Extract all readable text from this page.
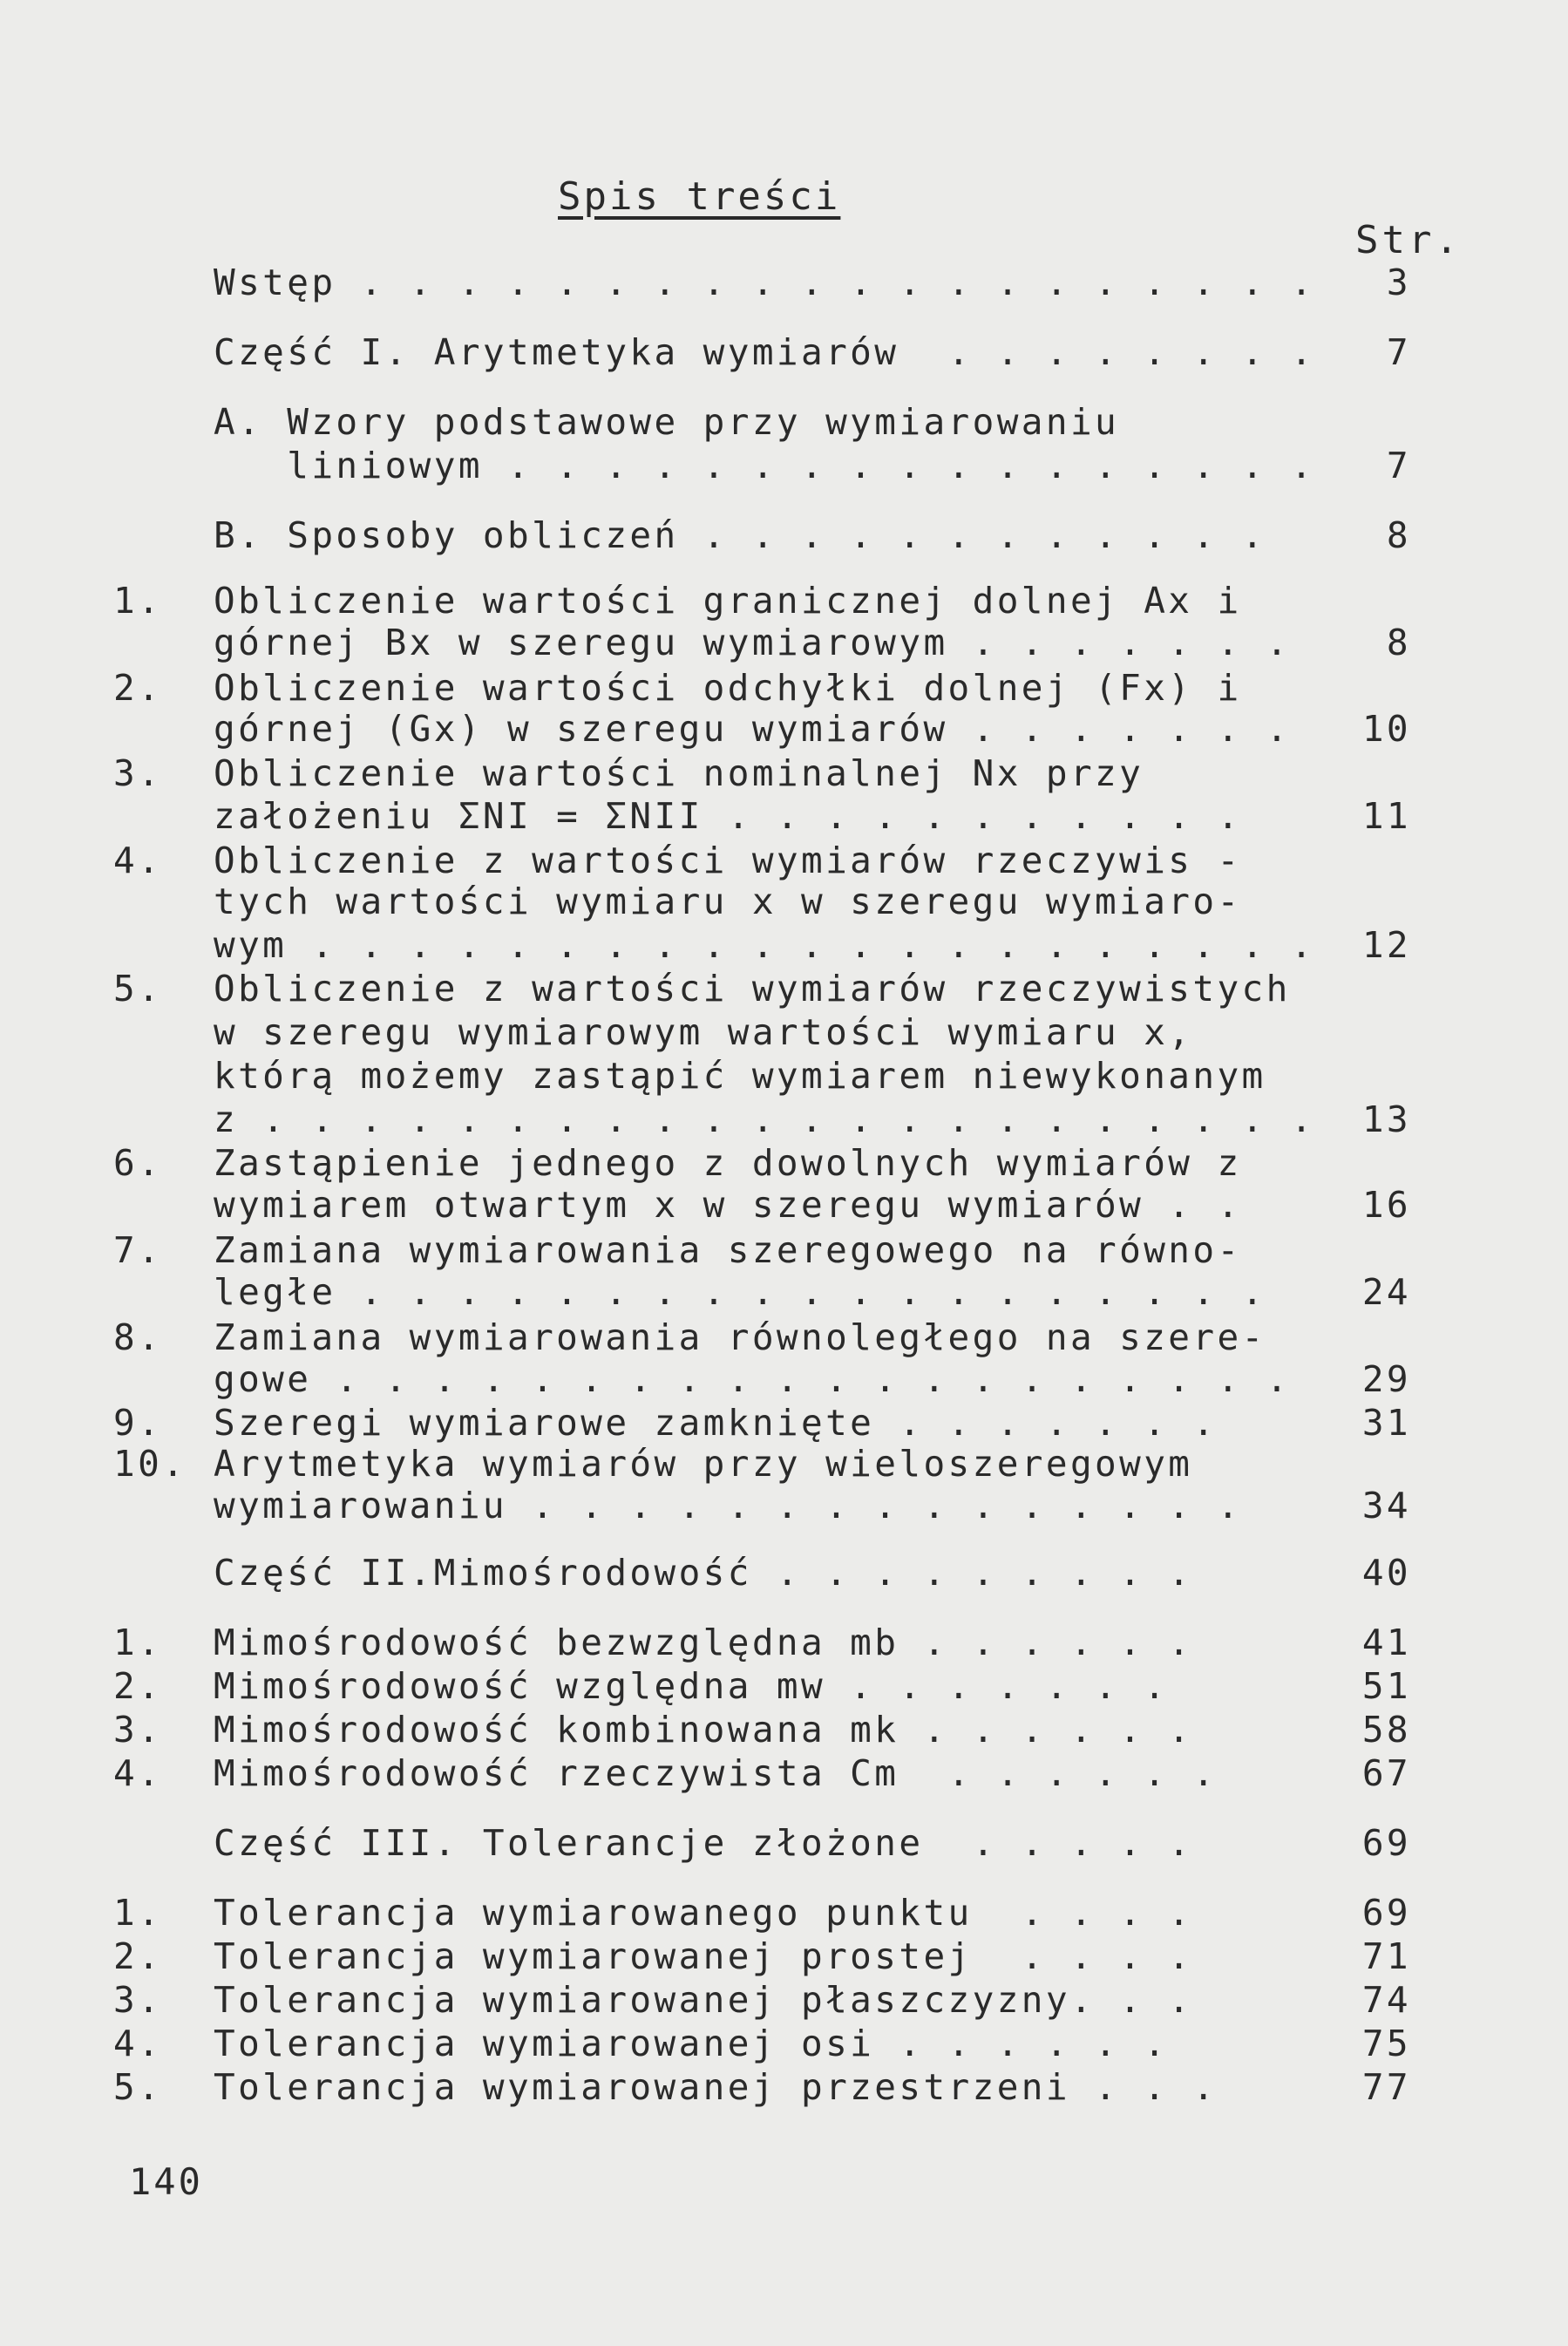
Spis treści
Str.
Wstęp . . . . . . . . . . . . . . . . . . . . 3
Część I. Arytmetyka wymiarów  . . . . . . . . 7
A. Wzory podstawowe przy wymiarowaniu
liniowym . . . . . . . . . . . . . . . . . 7
B. Sposoby obliczeń . . . . . . . . . . . .	8
1. Obliczenie wartości granicznej dolnej Ax i
górnej Bx w szeregu wymiarowym . . . . . . .	8
2. Obliczenie wartości odchyłki dolnej (Fx) i
górnej (Gx) w szeregu wymiarów . . . . . . . 10
3. Obliczenie wartości nominalnej Nx przy
założeniu ΣNI = ΣNII . . . . . . . . . . .	11
4. Obliczenie z wartości wymiarów rzeczywis -
tych wartości wymiaru x w szeregu wymiaro-
wym . . . . . . . . . . . . . . . . . . . . . 12
5. Obliczenie z wartości wymiarów rzeczywistych
w szeregu wymiarowym wartości wymiaru x,
którą możemy zastąpić wymiarem niewykonanym
z . . . . . . . . . . . . . . . . . . . . . . 13
6. Zastąpienie jednego z dowolnych wymiarów z
wymiarem otwartym x w szeregu wymiarów . .	16
7. Zamiana wymiarowania szeregowego na równo-
ległe . . . . . . . . . . . . . . . . . . .	24
8. Zamiana wymiarowania równoległego na szere-
gowe . . . . . . . . . . . . . . . . . . . . 29
9. Szeregi wymiarowe zamknięte . . . . . . .	31
10. Arytmetyka wymiarów przy wieloszeregowym
wymiarowaniu . . . . . . . . . . . . . . .	34
Część II.Mimośrodowość . . . . . . . . .	40
1. Mimośrodowość bezwzględna mb . . . . . .	41
2. Mimośrodowość względna mw . . . . . . .	51
3. Mimośrodowość kombinowana mk . . . . . .	58
4. Mimośrodowość rzeczywista Cm  . . . . . .	67
Część III. Tolerancje złożone  . . . . .	69
1. Tolerancja wymiarowanego punktu  . . . .	69
2. Tolerancja wymiarowanej prostej  . . . .	71
3. Tolerancja wymiarowanej płaszczyzny. . .	74
4. Tolerancja wymiarowanej osi . . . . . .	75
5. Tolerancja wymiarowanej przestrzeni . . .	77
140
